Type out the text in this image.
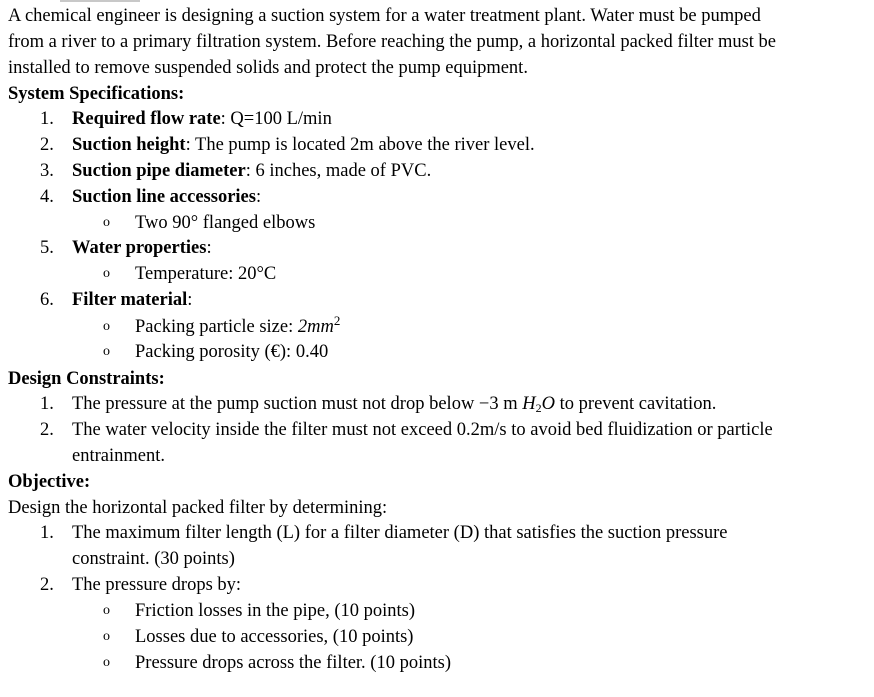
A chemical engineer is designing a suction system for a water treatment plant. Water must be pumped
from a river to a primary filtration system. Before reaching the pump, a horizontal packed filter must be
installed to remove suspended solids and protect the pump equipment.
System Specifications:
1. Required flow rate: Q=100 L/min
2. Suction height: The pump is located 2m above the river level.
3. Suction pipe diameter: 6 inches, made of PVC.
4. Suction line accessories:
o Two 90° flanged elbows
5. Water properties:
o Temperature: 20°C
6. Filter material:
o Packing particle size: $2mm^2$
o Packing porosity (€): 0.40
Design Constraints:
1. The pressure at the pump suction must not drop below −3 m $H_2O$ to prevent cavitation.
2. The water velocity inside the filter must not exceed 0.2m/s to avoid bed fluidization or particle
entrainment.
Objective:
Design the horizontal packed filter by determining:
1. The maximum filter length (L) for a filter diameter (D) that satisfies the suction pressure
constraint. (30 points)
2. The pressure drops by:
o Friction losses in the pipe, (10 points)
o Losses due to accessories, (10 points)
o Pressure drops across the filter. (10 points)
